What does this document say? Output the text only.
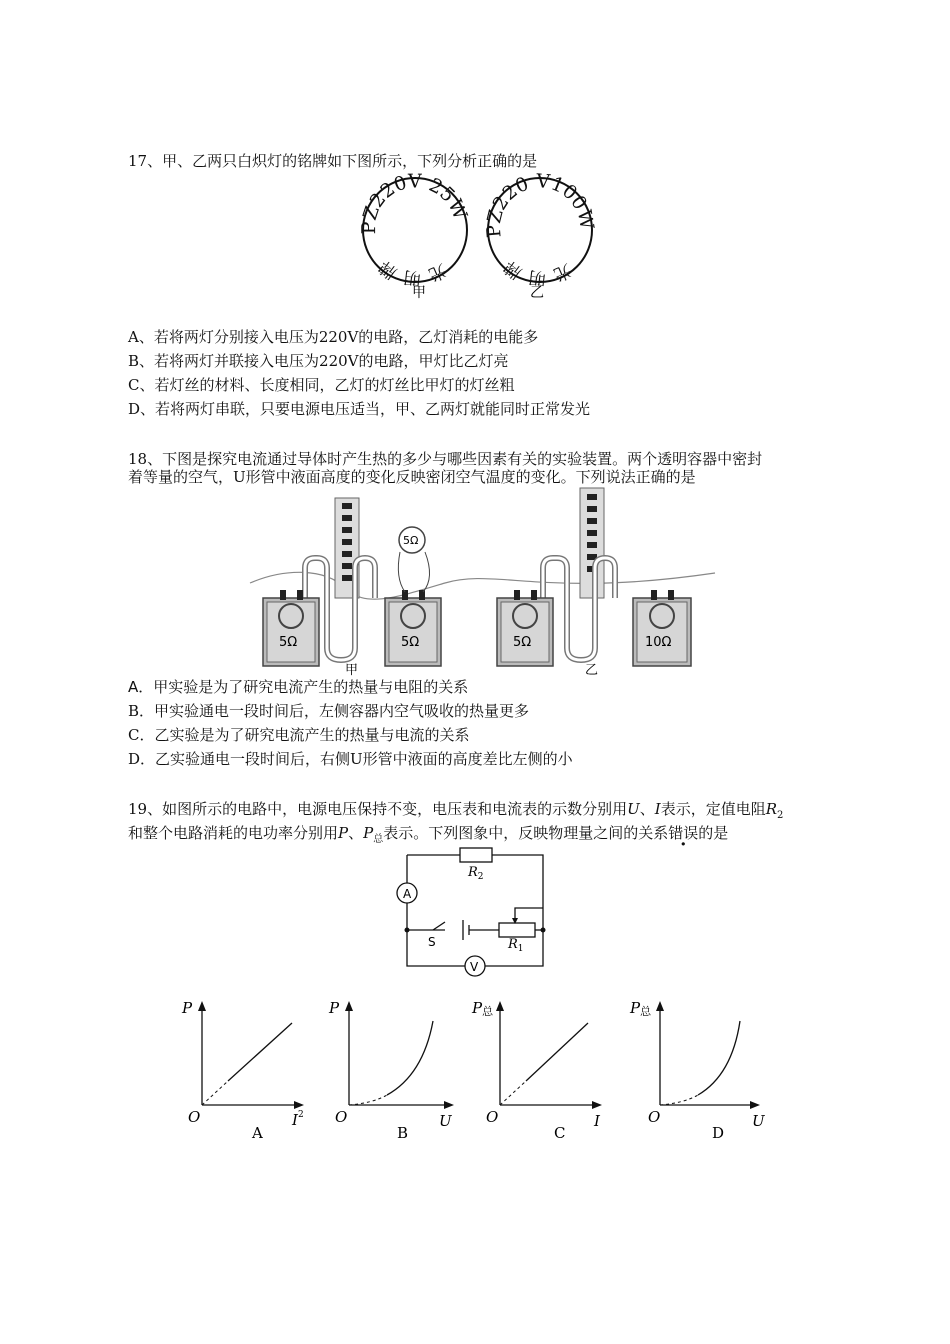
17、甲、乙两只白炽灯的铭牌如下图所示，下列分析正确的是
PZ220V 25W
光明牌
PZ220 V100W
光明牌
甲	乙
A、若将两灯分别接入电压为220V的电路，乙灯消耗的电能多
B、若将两灯并联接入电压为220V的电路，甲灯比乙灯亮
C、若灯丝的材料、长度相同，乙灯的灯丝比甲灯的灯丝粗
D、若将两灯串联，只要电源电压适当，甲、乙两灯就能同时正常发光
18、下图是探究电流通过导体时产生热的多少与哪些因素有关的实验装置。两个透明容器中密封
着等量的空气，U形管中液面高度的变化反映密闭空气温度的变化。下列说法正确的是
5Ω	5Ω
5Ω
甲
5Ω	10Ω
乙
A．甲实验是为了研究电流产生的热量与电阻的关系
B．甲实验通电一段时间后，左侧容器内空气吸收的热量更多
C．乙实验是为了研究电流产生的热量与电流的关系
D．乙实验通电一段时间后，右侧U形管中液面的高度差比左侧的小
19、如图所示的电路中，电源电压保持不变，电压表和电流表的示数分别用U、I表示，定值电阻$R_2$
和整个电路消耗的电功率分别用P、$P_总$表示。下列图象中，反映物理量之间的关系错误的是
$R_2$
$R_1$
A
V
S
P
O	$I^2$
A
P
O	U
B
P总
O	I
C
P总
O	U
D
